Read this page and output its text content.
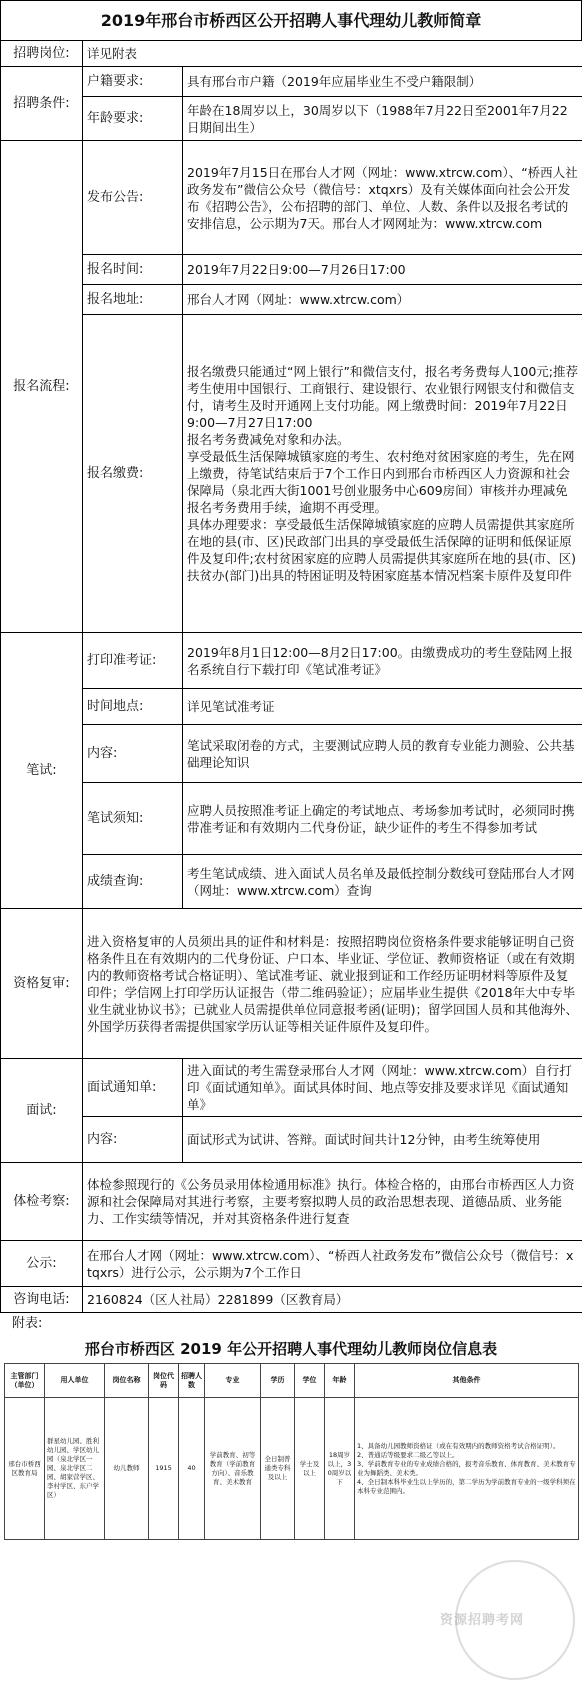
2019年邢台市桥西区公开招聘人事代理幼儿教师简章
招聘岗位:	详见附表	
招聘条件:	户籍要求:	具有邢台市户籍（2019年应届毕业生不受户籍限制）
	年龄要求:	年龄在18周岁以上，30周岁以下（1988年7月22日至2001年7月22日期间出生）
报名流程:	发布公告:	2019年7月15日在邢台人才网（网址：www.xtrcw.com）、“桥西人社政务发布”微信公众号（微信号：xtqxrs）及有关媒体面向社会公开发布《招聘公告》，公布招聘的部门、单位、人数、条件以及报名考试的安排信息，公示期为7天。邢台人才网网址为：www.xtrcw.com
	报名时间:	2019年7月22日9:00—7月26日17:00
	报名地址:	邢台人才网（网址：www.xtrcw.com）
	报名缴费:	报名缴费只能通过“网上银行”和微信支付，报名考务费每人100元;推荐考生使用中国银行、工商银行、建设银行、农业银行网银支付和微信支付，请考生及时开通网上支付功能。网上缴费时间：2019年7月22日9:00—7月27日17:00
报名考务费减免对象和办法。
享受最低生活保障城镇家庭的考生、农村绝对贫困家庭的考生，先在网上缴费，待笔试结束后于7个工作日内到邢台市桥西区人力资源和社会保障局（泉北西大街1001号创业服务中心609房间）审核并办理减免报名考务费用手续，逾期不再受理。
具体办理要求：享受最低生活保障城镇家庭的应聘人员需提供其家庭所在地的县(市、区)民政部门出具的享受最低生活保障的证明和低保证原件及复印件;农村贫困家庭的应聘人员需提供其家庭所在地的县(市、区)扶贫办(部门)出具的特困证明及特困家庭基本情况档案卡原件及复印件
笔试:	打印准考证:	2019年8月1日12:00—8月2日17:00。由缴费成功的考生登陆网上报名系统自行下载打印《笔试准考证》
	时间地点:	详见笔试准考证
	内容:	笔试采取闭卷的方式，主要测试应聘人员的教育专业能力测验、公共基础理论知识
	笔试须知:	应聘人员按照准考证上确定的考试地点、考场参加考试时，必须同时携带准考证和有效期内二代身份证，缺少证件的考生不得参加考试
	成绩查询:	考生笔试成绩、进入面试人员名单及最低控制分数线可登陆邢台人才网（网址：www.xtrcw.com）查询
资格复审:	进入资格复审的人员须出具的证件和材料是：按照招聘岗位资格条件要求能够证明自己资格条件且在有效期内的二代身份证、户口本、毕业证、学位证、教师资格证（或在有效期内的教师资格考试合格证明）、笔试准考证、就业报到证和工作经历证明材料等原件及复印件；学信网上打印学历认证报告（带二维码验证）；应届毕业生提供《2018年大中专毕业生就业协议书》；已就业人员需提供单位同意报考函(证明)；留学回国人员和其他海外、外国学历获得者需提供国家学历认证等相关证件原件及复印件。	
面试:	面试通知单:	进入面试的考生需登录邢台人才网（网址：www.xtrcw.com）自行打印《面试通知单》。面试具体时间、地点等安排及要求详见《面试通知单》
	内容:	面试形式为试讲、答辩。面试时间共计12分钟，由考生统筹使用
体检考察:	体检参照现行的《公务员录用体检通用标准》执行。体检合格的，由邢台市桥西区人力资源和社会保障局对其进行考察，主要考察拟聘人员的政治思想表现、道德品质、业务能力、工作实绩等情况，并对其资格条件进行复查	
公示:	在邢台人才网（网址：www.xtrcw.com）、“桥西人社政务发布”微信公众号（微信号：xtqxrs）进行公示，公示期为7个工作日	
咨询电话:	2160824（区人社局）2281899（区教育局）	
附表:
邢台市桥西区 2019 年公开招聘人事代理幼儿教师岗位信息表
主管部门（单位）	用人单位	岗位名称	岗位代码	招聘人数	专业	学历	学位	年龄	其他条件
邢台市桥西区教育局	群星幼儿园、胜利幼儿园、学区幼儿园（泉北学区一园、泉北学区二园、胡家营学区、李村学区、东户学区）	幼儿教师	1915	40	学前教育、初等教育（学前教育方向）、音乐教育、美术教育	全日制普通类专科及以上	学士及以上	18周岁以上，30周岁以下	1、具备幼儿园教师资格证（或在有效期内的教师资格考试合格证明）。
2、普通话等级要求二级乙等以上。
3、学前教育专业的专业成绩合格的，报考音乐教育、体育教育、美术教育专业为舞蹈类、美术类。
4、全日制本科毕业生以上学历的，第二学历为学前教育专业的一级学科须在本科专业范围内。
资源招聘考网
